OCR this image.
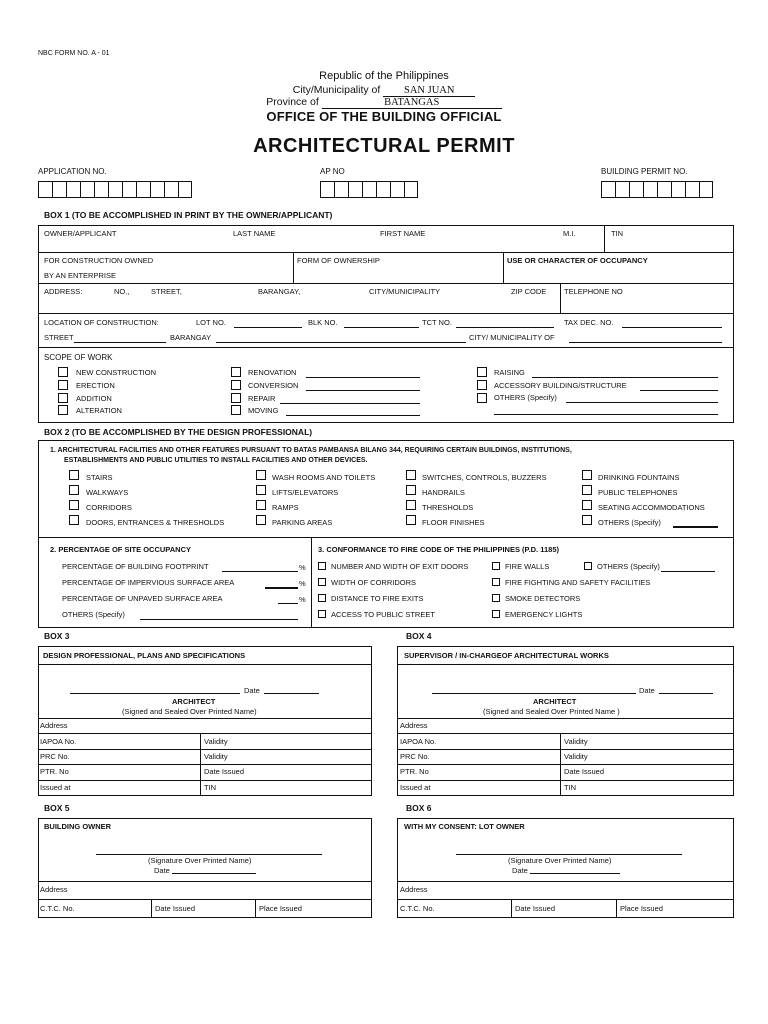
NBC FORM NO. A - 01
Republic of the Philippines
City/Municipality of SAN JUAN
Province of	BATANGAS
OFFICE OF THE BUILDING OFFICIAL
ARCHITECTURAL PERMIT
APPLICATION NO.	AP NO	BUILDING PERMIT NO.
BOX 1 (TO BE ACCOMPLISHED IN PRINT BY THE OWNER/APPLICANT)
OWNER/APPLICANT	LAST NAME	FIRST NAME	M.I.	TIN
FOR CONSTRUCTION OWNED
BY AN ENTERPRISE
FORM OF OWNERSHIP	USE OR CHARACTER OF OCCUPANCY
ADDRESS:	NO.,	STREET,	BARANGAY,	CITY/MUNICIPALITY	ZIP CODE TELEPHONE NO
LOCATION OF CONSTRUCTION:	LOT NO.	BLK NO.	TCT NO.	TAX DEC. NO.
STREET	BARANGAY	CITY/ MUNICIPALITY OF
SCOPE OF WORK
NEW CONSTRUCTION
ERECTION
ADDITION
ALTERATION
RENOVATION
CONVERSION
REPAIR
MOVING
RAISING
ACCESSORY BUILDING/STRUCTURE
OTHERS (Specify)
BOX 2 (TO BE ACCOMPLISHED BY THE DESIGN PROFESSIONAL)
1. ARCHITECTURAL FACILITIES AND OTHER FEATURES PURSUANT TO BATAS PAMBANSA BILANG 344, REQUIRING CERTAIN BUILDINGS, INSTITUTIONS,
ESTABLISHMENTS AND PUBLIC UTILITIES TO INSTALL FACILITIES AND OTHER DEVICES.
STAIRS
WALKWAYS
CORRIDORS
DOORS, ENTRANCES & THRESHOLDS
WASH ROOMS AND TOILETS
LIFTS/ELEVATORS
RAMPS
PARKING AREAS
SWITCHES, CONTROLS, BUZZERS
HANDRAILS
THRESHOLDS
FLOOR FINISHES
DRINKING FOUNTAINS
PUBLIC TELEPHONES
SEATING ACCOMMODATIONS
OTHERS (Specify)
2. PERCENTAGE OF SITE OCCUPANCY
PERCENTAGE OF BUILDING FOOTPRINT	%
PERCENTAGE OF IMPERVIOUS SURFACE AREA	%
PERCENTAGE OF UNPAVED SURFACE AREA	%
OTHERS (Specify)
3. CONFORMANCE TO FIRE CODE OF THE PHILIPPINES (P.D. 1185)
NUMBER AND WIDTH OF EXIT DOORS
WIDTH OF CORRIDORS
DISTANCE TO FIRE EXITS
ACCESS TO PUBLIC STREET
FIRE WALLS
FIRE FIGHTING AND SAFETY FACILITIES
SMOKE DETECTORS
EMERGENCY LIGHTS
OTHERS (Specify)
BOX 3
DESIGN PROFESSIONAL, PLANS AND SPECIFICATIONS
Date
ARCHITECT
(Signed and Sealed Over Printed Name)
Address
IAPOA No.	Validity
PRC No.	Validity
PTR. No	Date Issued
Issued at	TIN
BOX 4
SUPERVISOR / IN-CHARGEOF ARCHITECTURAL WORKS
Date
ARCHITECT
(Signed and Sealed Over Printed Name )
Address
IAPOA No.	Validity
PRC No.	Validity
PTR. No	Date Issued
Issued at	TIN
BOX 5
BUILDING OWNER
(Signature Over Printed Name)
Date
Address
C.T.C. No.	Date Issued	Place Issued
BOX 6
WITH MY CONSENT: LOT OWNER
(Signature Over Printed Name)
Date
Address
C.T.C. No.	Date Issued	Place Issued
